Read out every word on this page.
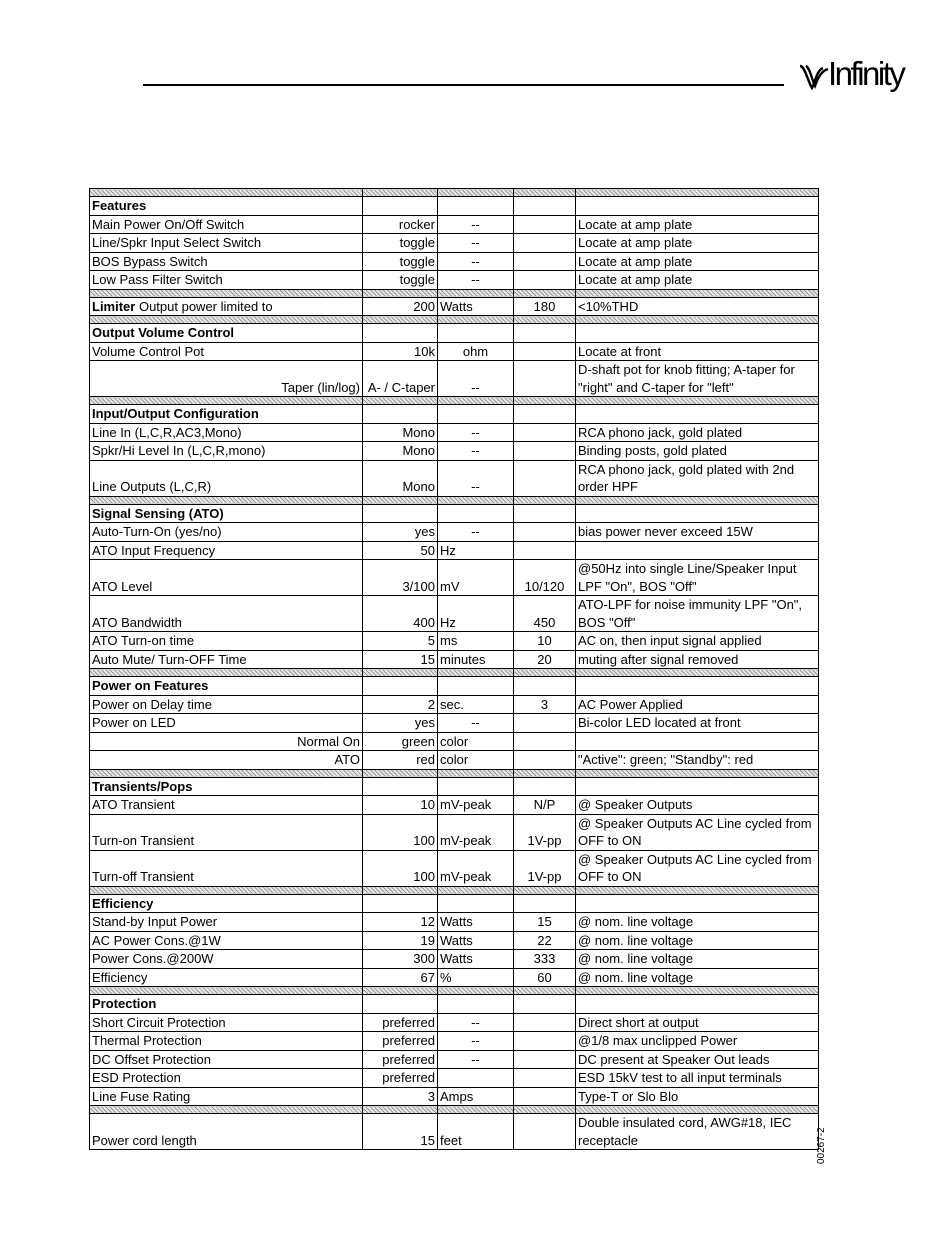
Infinity

Features				
Main Power On/Off Switch	rocker	--		Locate at amp plate
Line/Spkr Input Select Switch	toggle	--		Locate at amp plate
BOS Bypass Switch	toggle	--		Locate at amp plate
Low Pass Filter Switch	toggle	--		Locate at amp plate

Limiter Output power limited to	200	Watts	180	<10%THD

Output Volume Control				
Volume Control Pot	10k	ohm		Locate at front

Taper (lin/log)	A- / C-taper	--		D-shaft pot for knob fitting; A-taper for "right" and C-taper for "left"

Input/Output Configuration				
Line In (L,C,R,AC3,Mono)	Mono	--		RCA phono jack, gold plated
Spkr/Hi Level In (L,C,R,mono)	Mono	--		Binding posts, gold plated
Line Outputs (L,C,R)	Mono	--		RCA phono jack, gold plated with 2nd order HPF

Signal Sensing (ATO)				
Auto-Turn-On (yes/no)	yes	--		bias power never exceed 15W
ATO Input Frequency	50	Hz		
ATO Level	3/100	mV	10/120	@50Hz into single Line/Speaker Input LPF "On", BOS "Off"
ATO Bandwidth	400	Hz	450	ATO-LPF for noise immunity LPF "On", BOS "Off"
ATO Turn-on time	5	ms	10	AC on, then input signal applied
Auto Mute/ Turn-OFF Time	15	minutes	20	muting after signal removed

Power on Features				
Power on Delay time	2	sec.	3	AC Power Applied
Power on LED	yes	--		Bi-color LED located at front

Normal On	green	color		

ATO	red	color		"Active": green; "Standby": red

Transients/Pops				
ATO Transient	10	mV-peak	N/P	@ Speaker Outputs
Turn-on Transient	100	mV-peak	1V-pp	@ Speaker Outputs AC Line cycled from OFF to ON
Turn-off Transient	100	mV-peak	1V-pp	@ Speaker Outputs AC Line cycled from OFF to ON

Efficiency				
Stand-by Input Power	12	Watts	15	@ nom. line voltage
AC Power Cons.@1W	19	Watts	22	@ nom. line voltage
Power Cons.@200W	300	Watts	333	@ nom. line voltage
Efficiency	67	%	60	@ nom. line voltage

Protection				
Short Circuit Protection	preferred	--		Direct short at output
Thermal Protection	preferred	--		@1/8 max unclipped Power
DC Offset Protection	preferred	--		DC present at Speaker Out leads
ESD Protection	preferred			ESD 15kV test to all input terminals
Line Fuse Rating	3	Amps		Type-T or Slo Blo

Power cord length	15	feet		Double insulated cord, AWG#18, IEC receptacle	00267-2
